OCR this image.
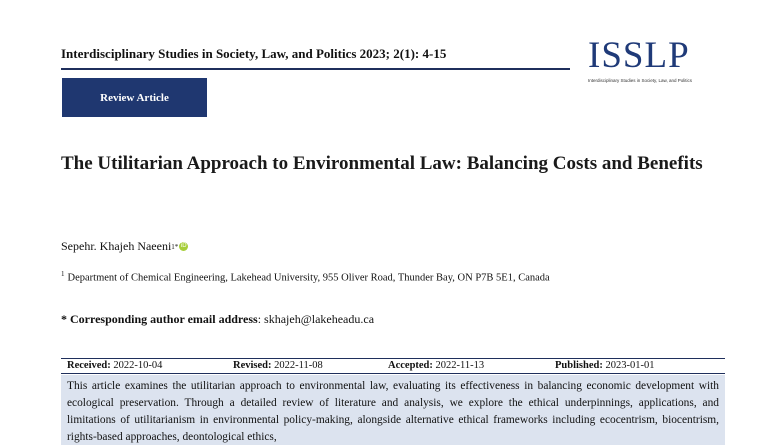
Interdisciplinary Studies in Society, Law, and Politics 2023; 2(1): 4-15	ISSLP
Interdisciplinary Studies in Society, Law, and Politics
Review Article
The Utilitarian Approach to Environmental Law: Balancing Costs and Benefits
Sepehr. Khajeh Naeeni 1* iD
$^1$ Department of Chemical Engineering, Lakehead University, 955 Oliver Road, Thunder Bay, ON P7B 5E1, Canada
* Corresponding author email address: skhajeh@lakeheadu.ca
Received: 2022-10-04	Revised: 2022-11-08	Accepted: 2022-11-13	Published: 2023-01-01
This article examines the utilitarian approach to environmental law, evaluating its effectiveness in balancing economic development with ecological preservation. Through a detailed review of literature and analysis, we explore the ethical underpinnings, applications, and limitations of utilitarianism in environmental policy-making, alongside alternative ethical frameworks including ecocentrism, biocentrism, rights-based approaches, deontological ethics,
